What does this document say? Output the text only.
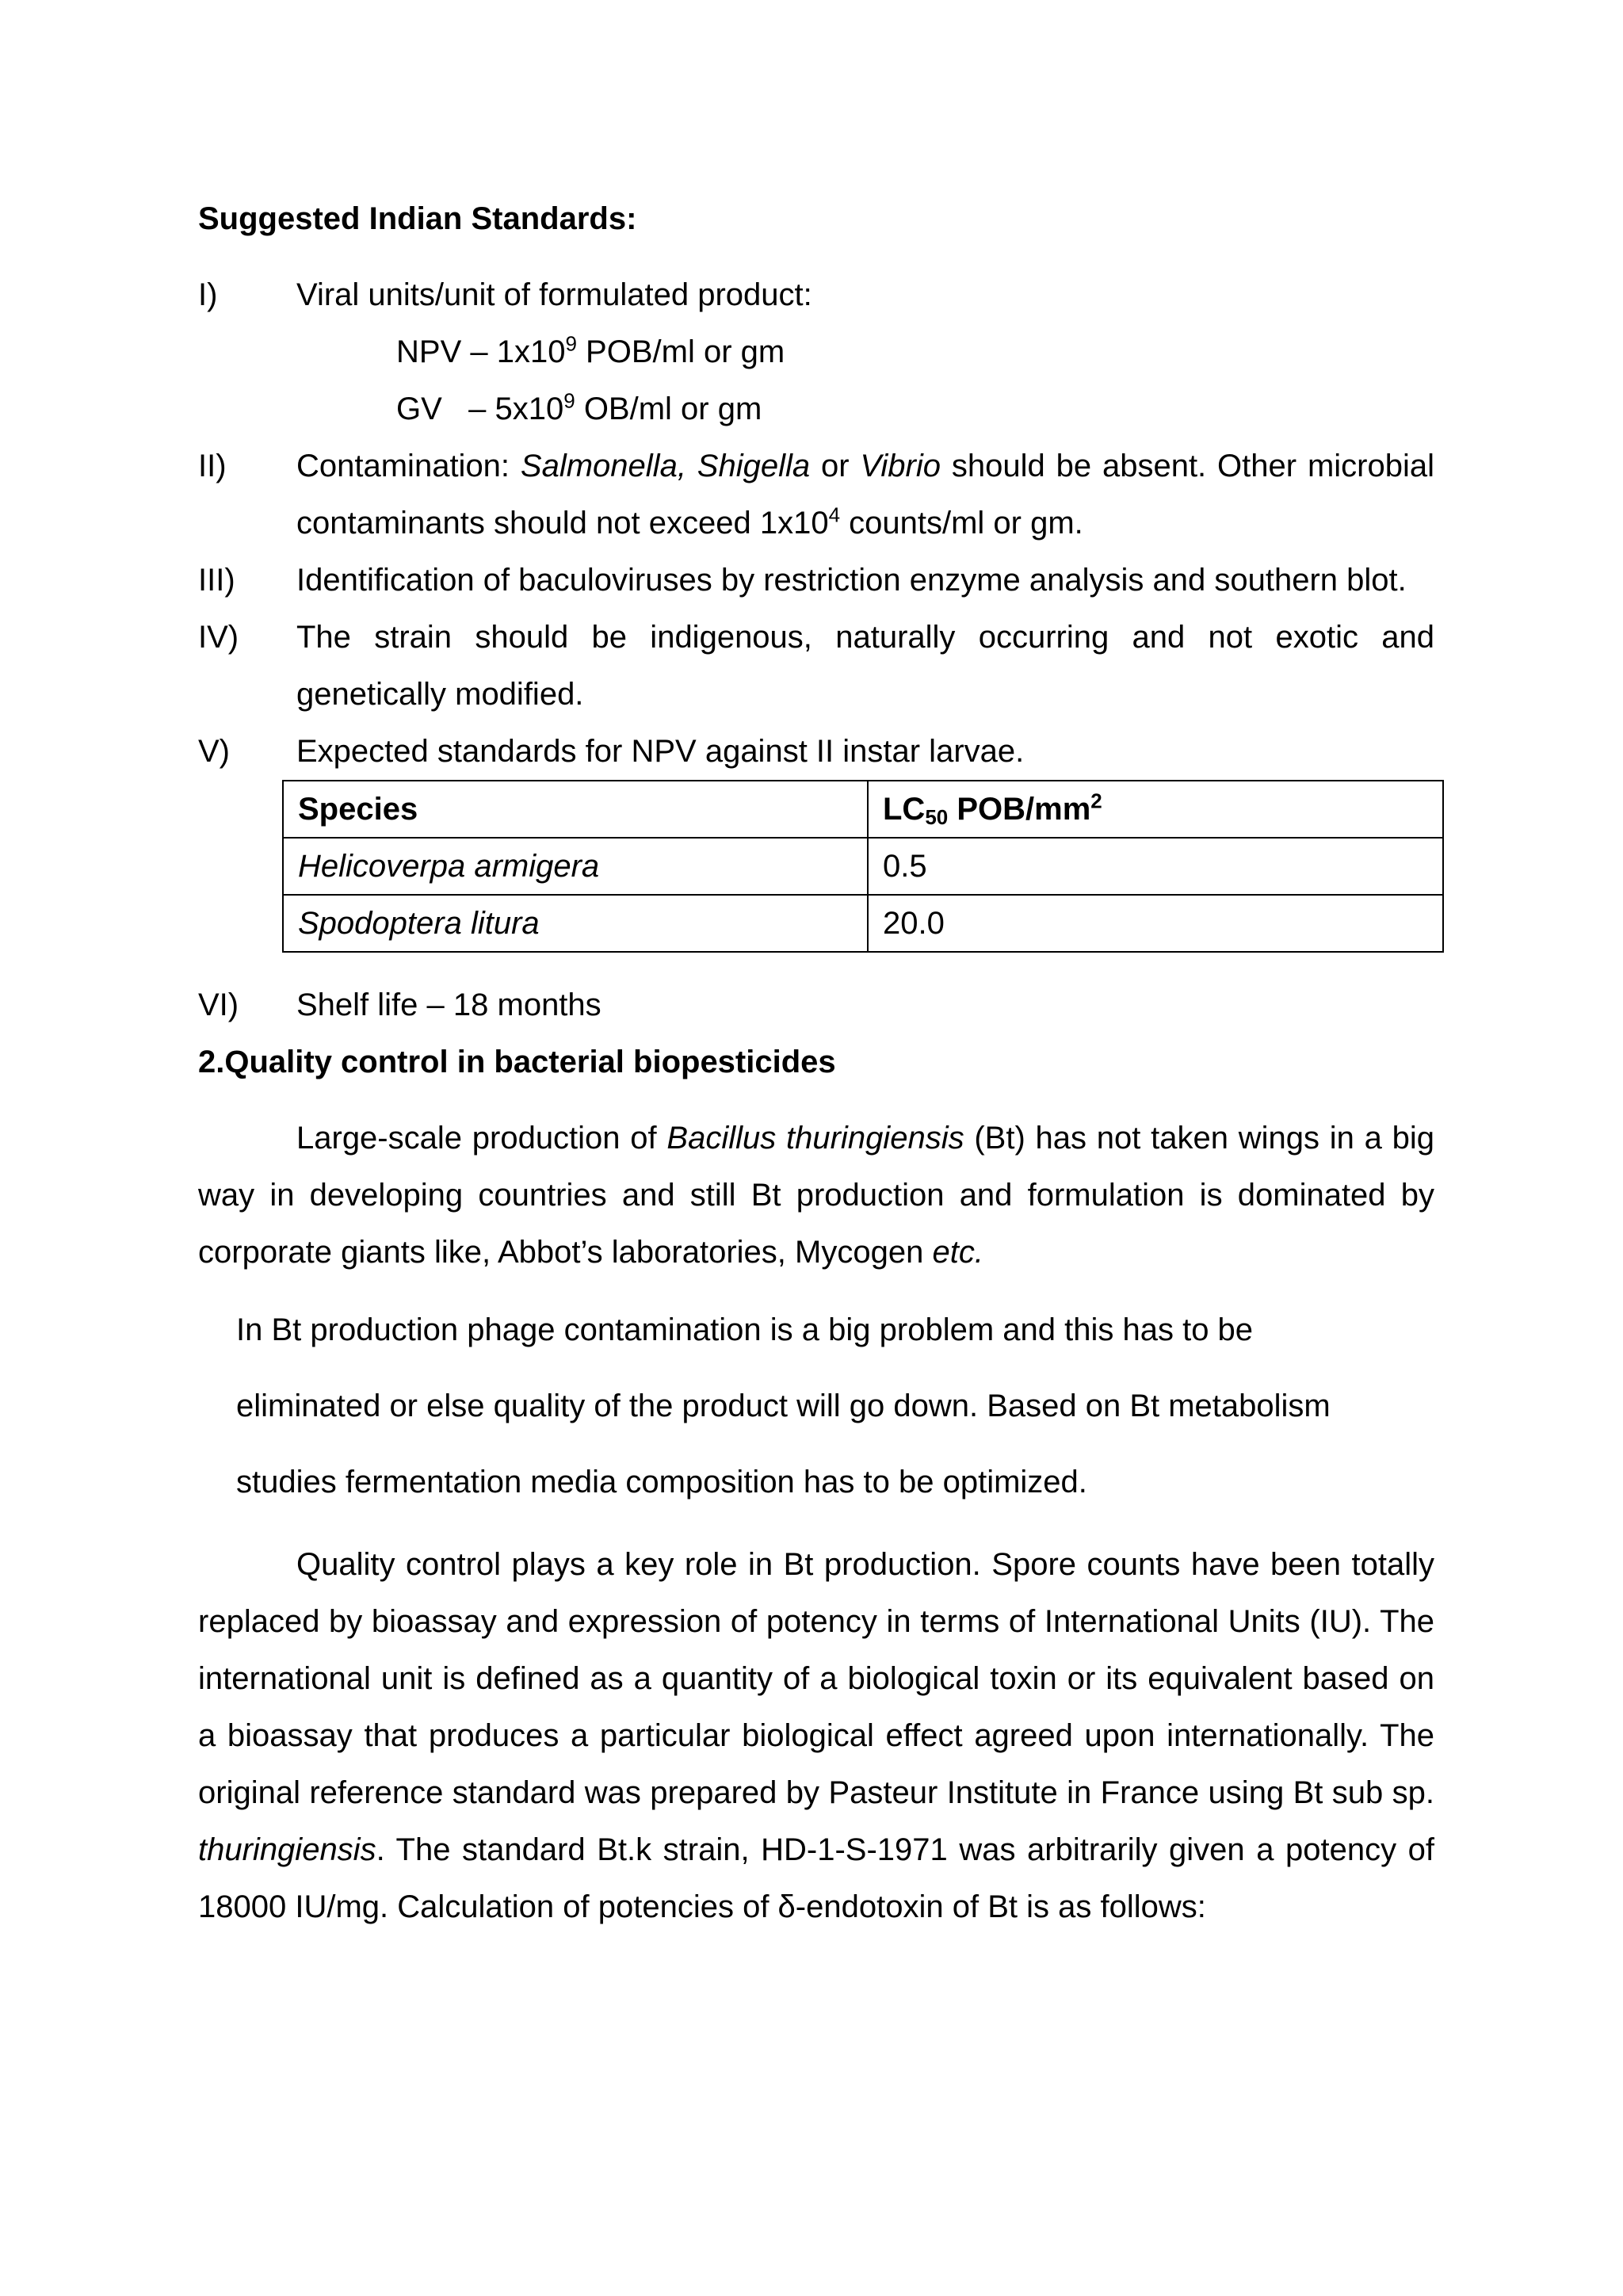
Suggested Indian Standards:

I)	Viral units/unit of formulated product:
NPV – $1x10^9$ POB/ml or gm
GV   – $5x10^9$ OB/ml or gm
II)	Contamination: Salmonella, Shigella or Vibrio should be absent. Other microbial contaminants should not exceed $1x10^4$ counts/ml or gm.
III)	Identification of baculoviruses by restriction enzyme analysis and southern blot.
IV)	The strain should be indigenous, naturally occurring and not exotic and genetically modified.
V)	Expected standards for NPV against II instar larvae.
Species	$LC_{50}$ POB/$mm^2$
Helicoverpa armigera	0.5
Spodoptera litura	20.0
VI)	Shelf life – 18 months

2.Quality control in bacterial biopesticides

Large-scale production of Bacillus thuringiensis (Bt) has not taken wings in a big way in developing countries and still Bt production and formulation is dominated by corporate giants like, Abbot’s laboratories, Mycogen etc.

In Bt production phage contamination is a big problem and this has to be
eliminated or else quality of the product will go down. Based on Bt metabolism
studies fermentation media composition has to be optimized.

Quality control plays a key role in Bt production. Spore counts have been totally replaced by bioassay and expression of potency in terms of International Units (IU). The international unit is defined as a quantity of a biological toxin or its equivalent based on a bioassay that produces a particular biological effect agreed upon internationally. The original reference standard was prepared by Pasteur Institute in France using Bt sub sp. thuringiensis. The standard Bt.k strain, HD-1-S-1971 was arbitrarily given a potency of 18000 IU/mg. Calculation of potencies of δ-endotoxin of Bt is as follows:
